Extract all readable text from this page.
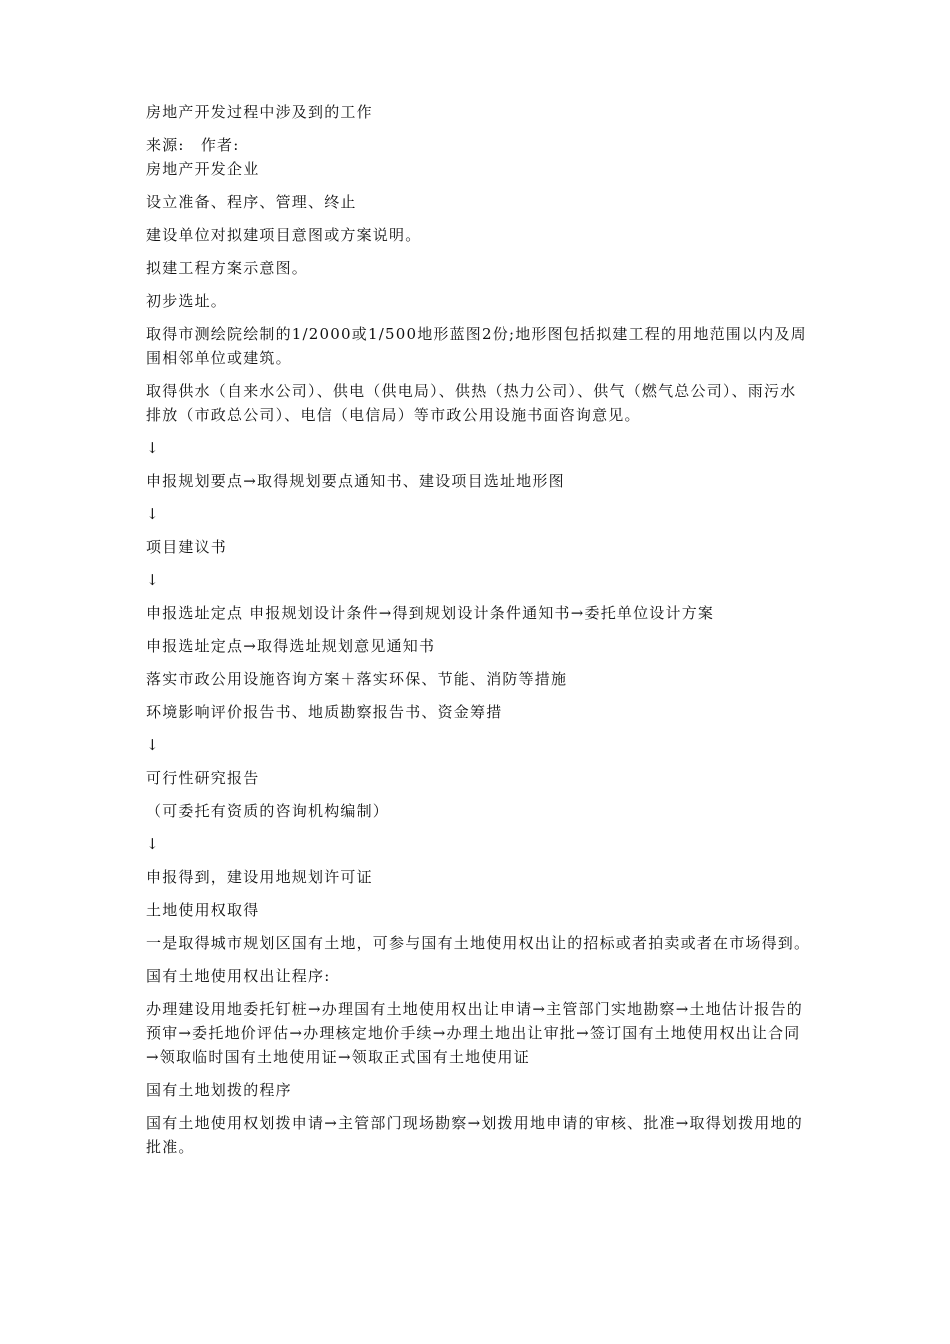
房地产开发过程中涉及到的工作

来源:　作者:

房地产开发企业

设立准备、程序、管理、终止

建设单位对拟建项目意图或方案说明。

拟建工程方案示意图。

初步选址。

取得市测绘院绘制的1/2000或1/500地形蓝图2份;地形图包括拟建工程的用地范围以内及周围相邻单位或建筑。

取得供水（自来水公司）、供电（供电局）、供热（热力公司）、供气（燃气总公司）、雨污水排放（市政总公司）、电信（电信局）等市政公用设施书面咨询意见。

↓

申报规划要点→取得规划要点通知书、建设项目选址地形图

↓

项目建议书

↓

申报选址定点 申报规划设计条件→得到规划设计条件通知书→委托单位设计方案

申报选址定点→取得选址规划意见通知书

落实市政公用设施咨询方案＋落实环保、节能、消防等措施

环境影响评价报告书、地质勘察报告书、资金筹措

↓

可行性研究报告

（可委托有资质的咨询机构编制）

↓

申报得到，建设用地规划许可证

土地使用权取得

一是取得城市规划区国有土地，可参与国有土地使用权出让的招标或者拍卖或者在市场得到。

国有土地使用权出让程序:

办理建设用地委托钉桩→办理国有土地使用权出让申请→主管部门实地勘察→土地估计报告的预审→委托地价评估→办理核定地价手续→办理土地出让审批→签订国有土地使用权出让合同→领取临时国有土地使用证→领取正式国有土地使用证

国有土地划拨的程序

国有土地使用权划拨申请→主管部门现场勘察→划拨用地申请的审核、批准→取得划拨用地的批准。
